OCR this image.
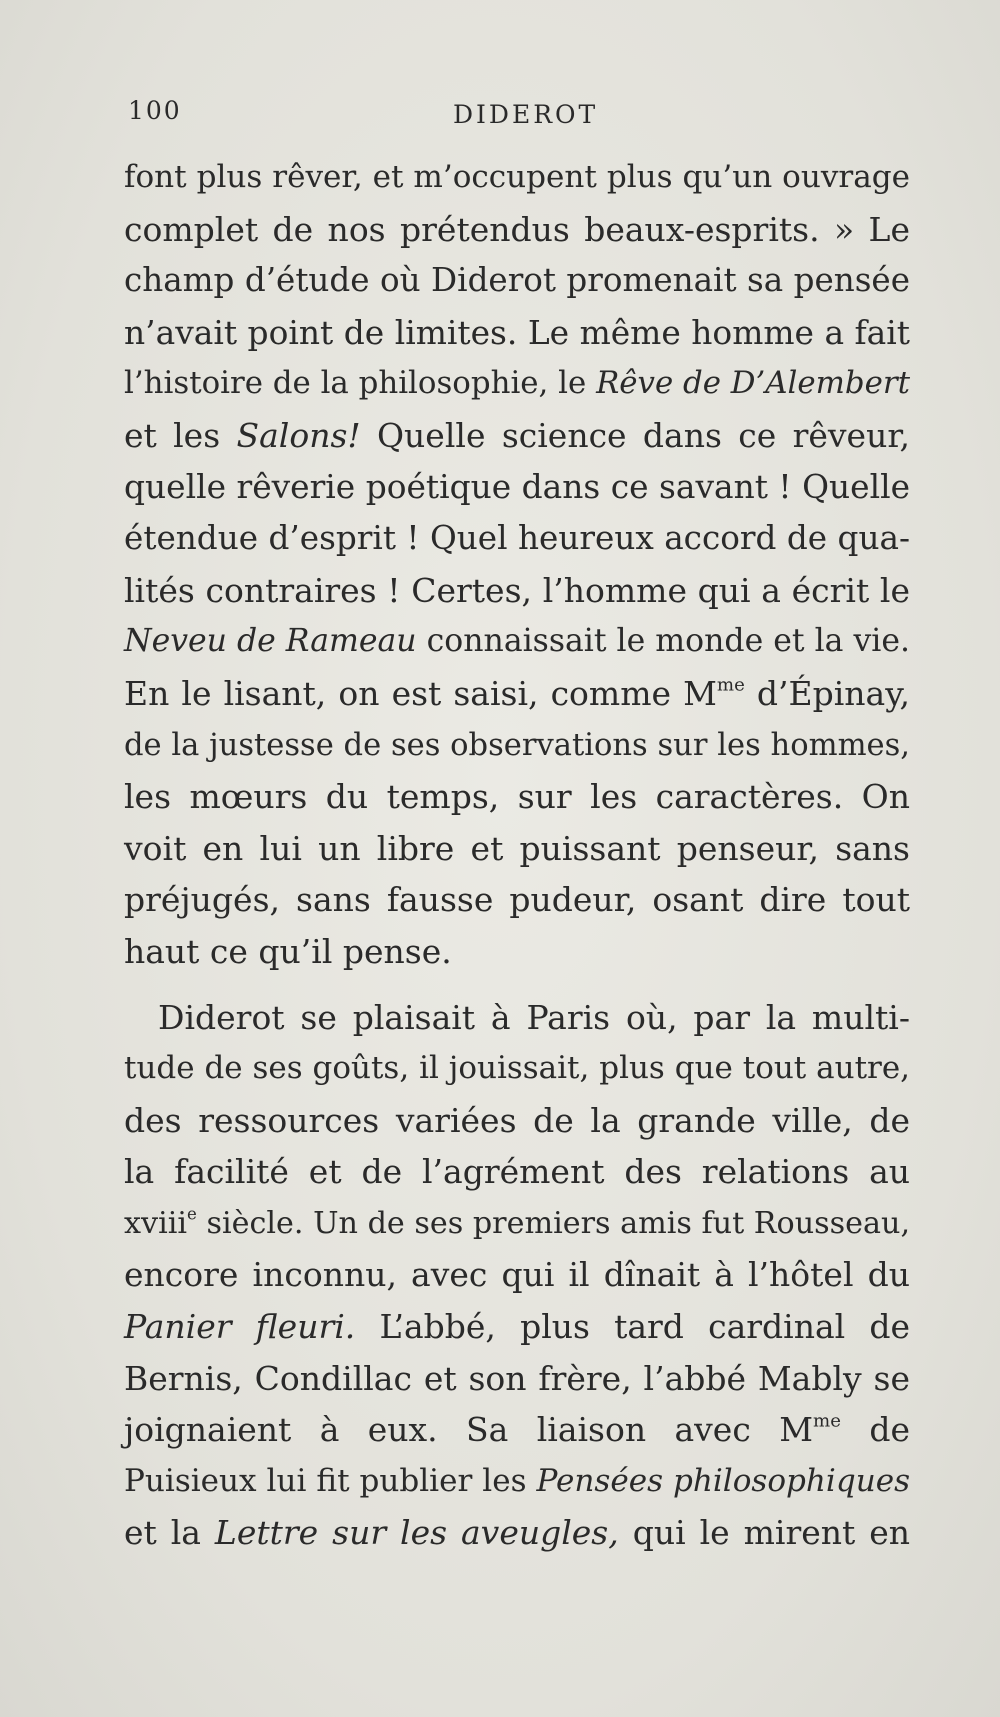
100	DIDEROT
font plus rêver, et m’occupent plus qu’un ouvrage
complet de nos prétendus beaux-esprits. » Le
champ d’étude où Diderot promenait sa pensée
n’avait point de limites. Le même homme a fait
l’histoire de la philosophie, le Rêve de D’Alembert
et les Salons! Quelle science dans ce rêveur,
quelle rêverie poétique dans ce savant ! Quelle
étendue d’esprit ! Quel heureux accord de qua-
lités contraires ! Certes, l’homme qui a écrit le
Neveu de Rameau connaissait le monde et la vie.
En le lisant, on est saisi, comme $M^{me}$ d’Épinay,
de la justesse de ses observations sur les hommes,
les mœurs du temps, sur les caractères. On
voit en lui un libre et puissant penseur, sans
préjugés, sans fausse pudeur, osant dire tout
haut ce qu’il pense.
Diderot se plaisait à Paris où, par la multi-
tude de ses goûts, il jouissait, plus que tout autre,
des ressources variées de la grande ville, de
la facilité et de l’agrément des relations au
xviii$^e$ siècle. Un de ses premiers amis fut Rousseau,
encore inconnu, avec qui il dînait à l’hôtel du
Panier fleuri. L’abbé, plus tard cardinal de
Bernis, Condillac et son frère, l’abbé Mably se
joignaient à eux. Sa liaison avec $M^{me}$ de
Puisieux lui fit publier les Pensées philosophiques
et la Lettre sur les aveugles, qui le mirent en
